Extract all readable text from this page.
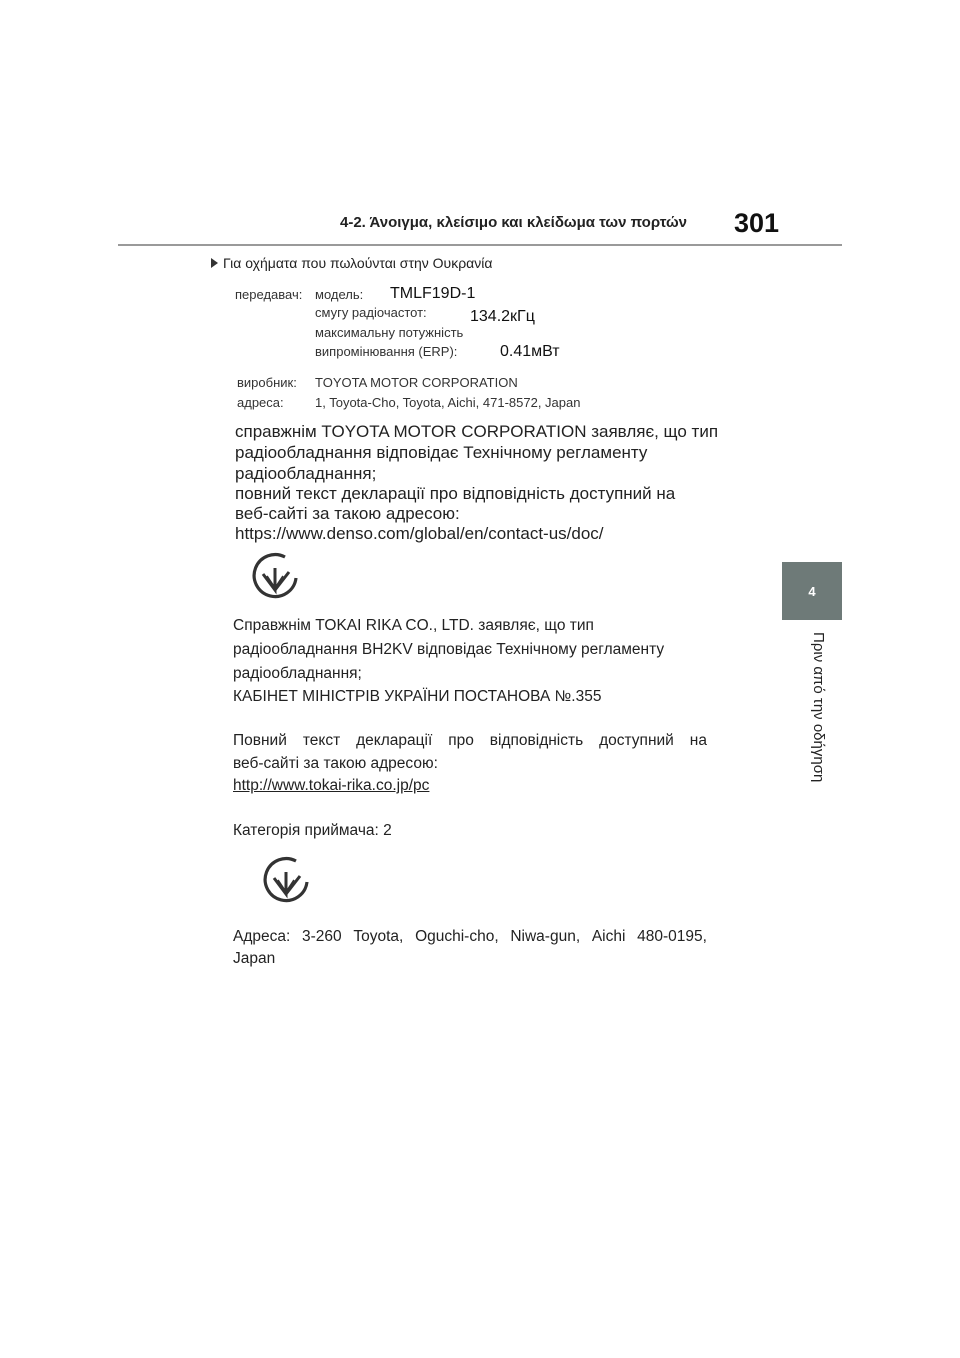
4-2. Άνοιγμα, κλείσιμο και κλείδωμα των πορτών 301
4
Πριν από την οδήγηση
Για οχήματα που πωλούνται στην Ουκρανία
передавач: модель: TMLF19D-1
смугу радіочастот:	134.2кГц
максимальну потужність
випромінювання (ERP):	0.41мВт
виробник: TOYOTA MOTOR CORPORATION
адреса: 1, Toyota-Cho, Toyota, Aichi, 471-8572, Japan
справжнім TOYOTA MOTOR CORPORATION заявляє, що тип
радіообладнання відповідає Технічному регламенту
радіообладнання;
повний текст декларації про відповідність доступний на
веб-сайті за такою адресою:
https://www.denso.com/global/en/contact-us/doc/
Справжнім TOKAI RIKA CO., LTD. заявляє, що тип
радіообладнання BH2KV відповідає Технічному регламенту
радіообладнання;
КАБІНЕТ МІНІСТРІВ УКРАЇНИ ПОСТАНОВА №.355
Повний текст декларації про відповідність доступний на
веб-сайті за такою адресою:
http://www.tokai-rika.co.jp/pc
Категорія приймача: 2
Адреса: 3-260 Toyota, Oguchi-cho, Niwa-gun, Aichi 480-0195,
Japan
